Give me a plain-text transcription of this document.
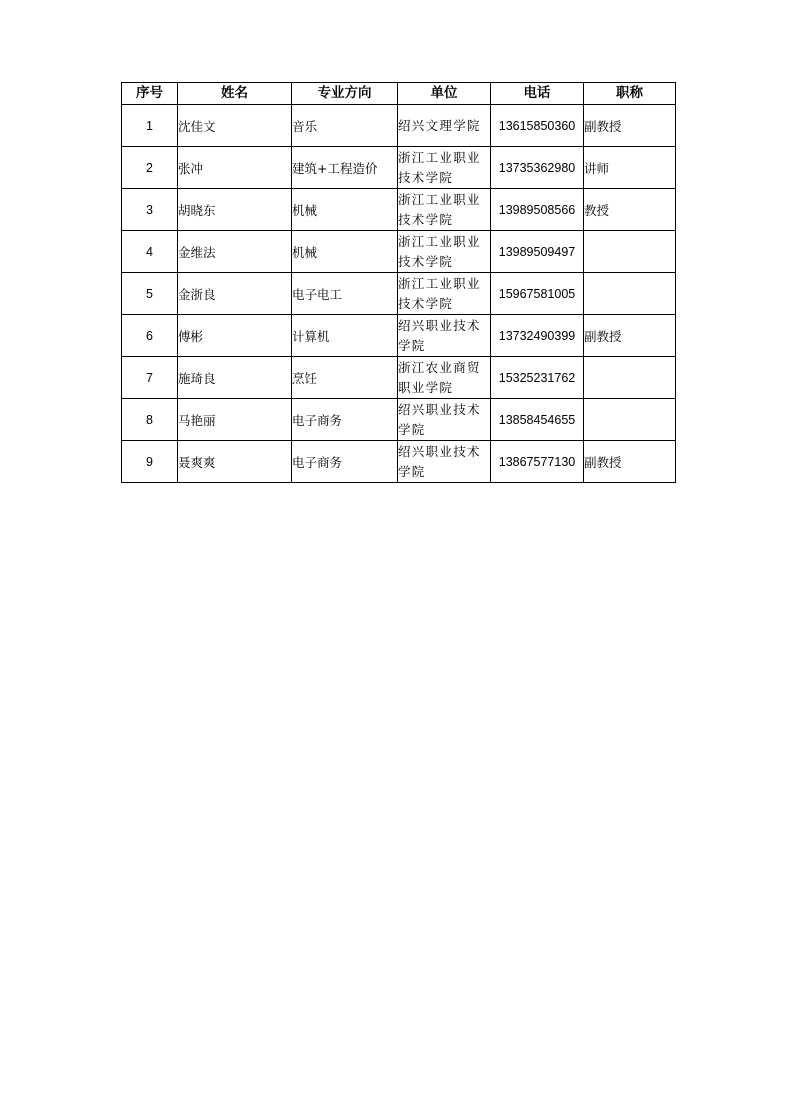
序号	姓名	专业方向	单位	电话	职称
1	沈佳文	音乐	绍兴文理学院	13615850360	副教授
2	张冲	建筑+工程造价	浙江工业职业技术学院	13735362980	讲师
3	胡晓东	机械	浙江工业职业技术学院	13989508566	教授
4	金维法	机械	浙江工业职业技术学院	13989509497	
5	金浙良	电子电工	浙江工业职业技术学院	15967581005	
6	傅彬	计算机	绍兴职业技术学院	13732490399	副教授
7	施琦良	烹饪	浙江农业商贸职业学院	15325231762	
8	马艳丽	电子商务	绍兴职业技术学院	13858454655	
9	聂爽爽	电子商务	绍兴职业技术学院	13867577130	副教授
